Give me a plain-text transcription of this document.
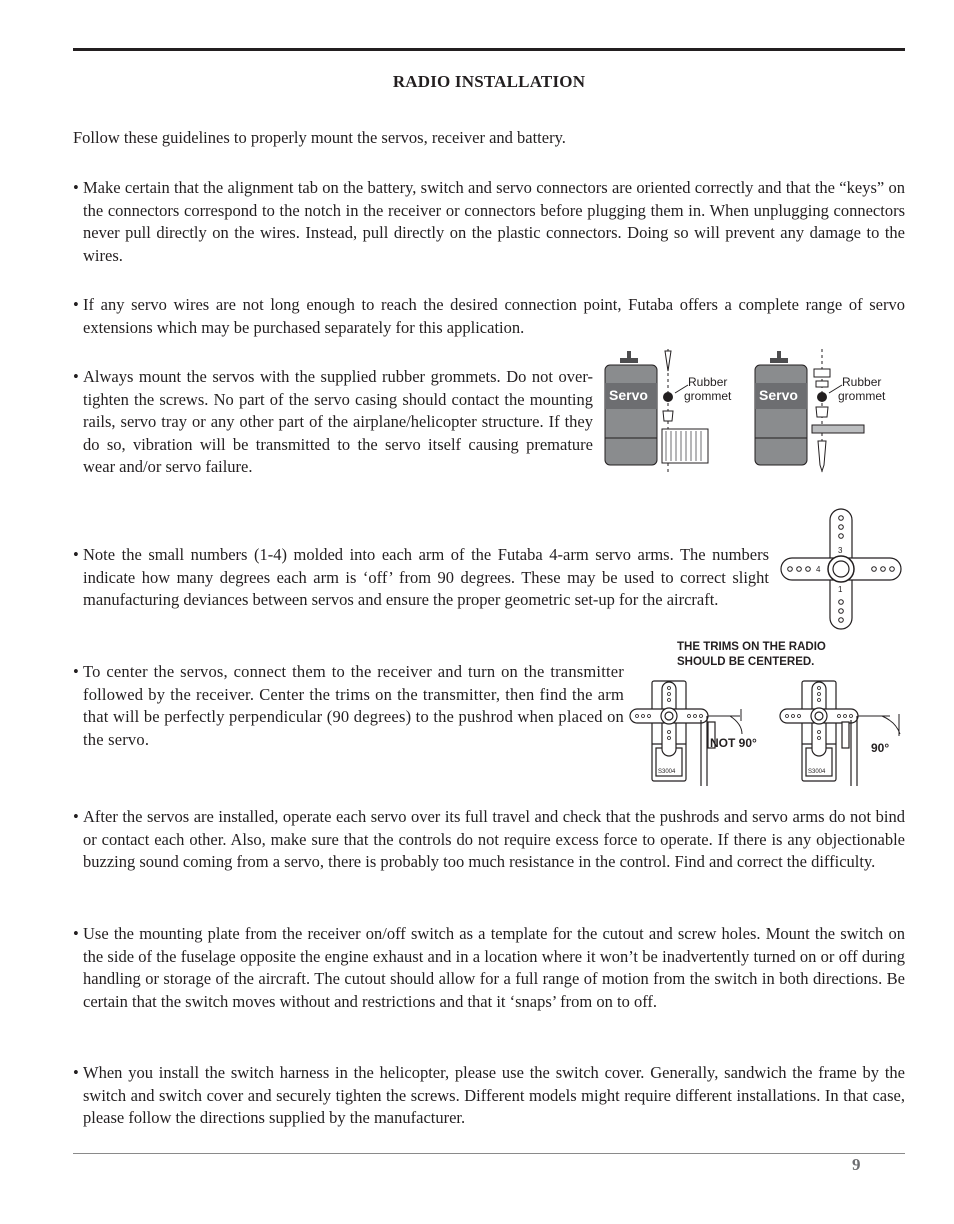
RADIO INSTALLATION
Follow these guidelines to properly mount the servos, receiver and battery.
• Make certain that the alignment tab on the battery, switch and servo connectors are oriented correctly and that the “keys” on the connectors correspond to the notch in the receiver or connectors before plugging them in. When unplugging connectors never pull directly on the wires. Instead, pull directly on the plastic connectors. Doing so will prevent any damage to the wires.
• If any servo wires are not long enough to reach the desired connection point, Futaba offers a complete range of servo extensions which may be purchased separately for this application.
• Always mount the servos with the supplied rubber grommets. Do not over-tighten the screws. No part of the servo casing should contact the mounting rails, servo tray or any other part of the airplane/helicopter structure. If they do so, vibration will be transmitted to the servo itself causing premature wear and/or servo failure.
Servo
Rubber
grommet Servo
Rubber
grommet
• Note the small numbers (1-4) molded into each arm of the Futaba 4-arm servo arms. The numbers indicate how many degrees each arm is ‘off’ from 90 degrees. These may be used to correct slight manufacturing deviances between servos and ensure the proper geometric set-up for the aircraft.
3
1
4
THE TRIMS ON THE RADIO
SHOULD BE CENTERED.
• To center the servos, connect them to the receiver and turn on the transmitter followed by the receiver. Center the trims on the transmitter, then find the arm that will be perfectly perpendicular (90 degrees) to the pushrod when placed on the servo.
S3004
NOT 90°
S3004
90°
• After the servos are installed, operate each servo over its full travel and check that the pushrods and servo arms do not bind or contact each other. Also, make sure that the controls do not require excess force to operate. If there is any objectionable buzzing sound coming from a servo, there is probably too much resistance in the control. Find and correct the difficulty.
• Use the mounting plate from the receiver on/off switch as a template for the cutout and screw holes. Mount the switch on the side of the fuselage opposite the engine exhaust and in a location where it won’t be inadvertently turned on or off during handling or storage of the aircraft. The cutout should allow for a full range of motion from the switch in both directions. Be certain that the switch moves without and restrictions and that it ‘snaps’ from on to off.
• When you install the switch harness in the helicopter, please use the switch cover. Generally, sandwich the frame by the switch and switch cover and securely tighten the screws. Different models might require different installations. In that case, please follow the directions supplied by the manufacturer.
9
